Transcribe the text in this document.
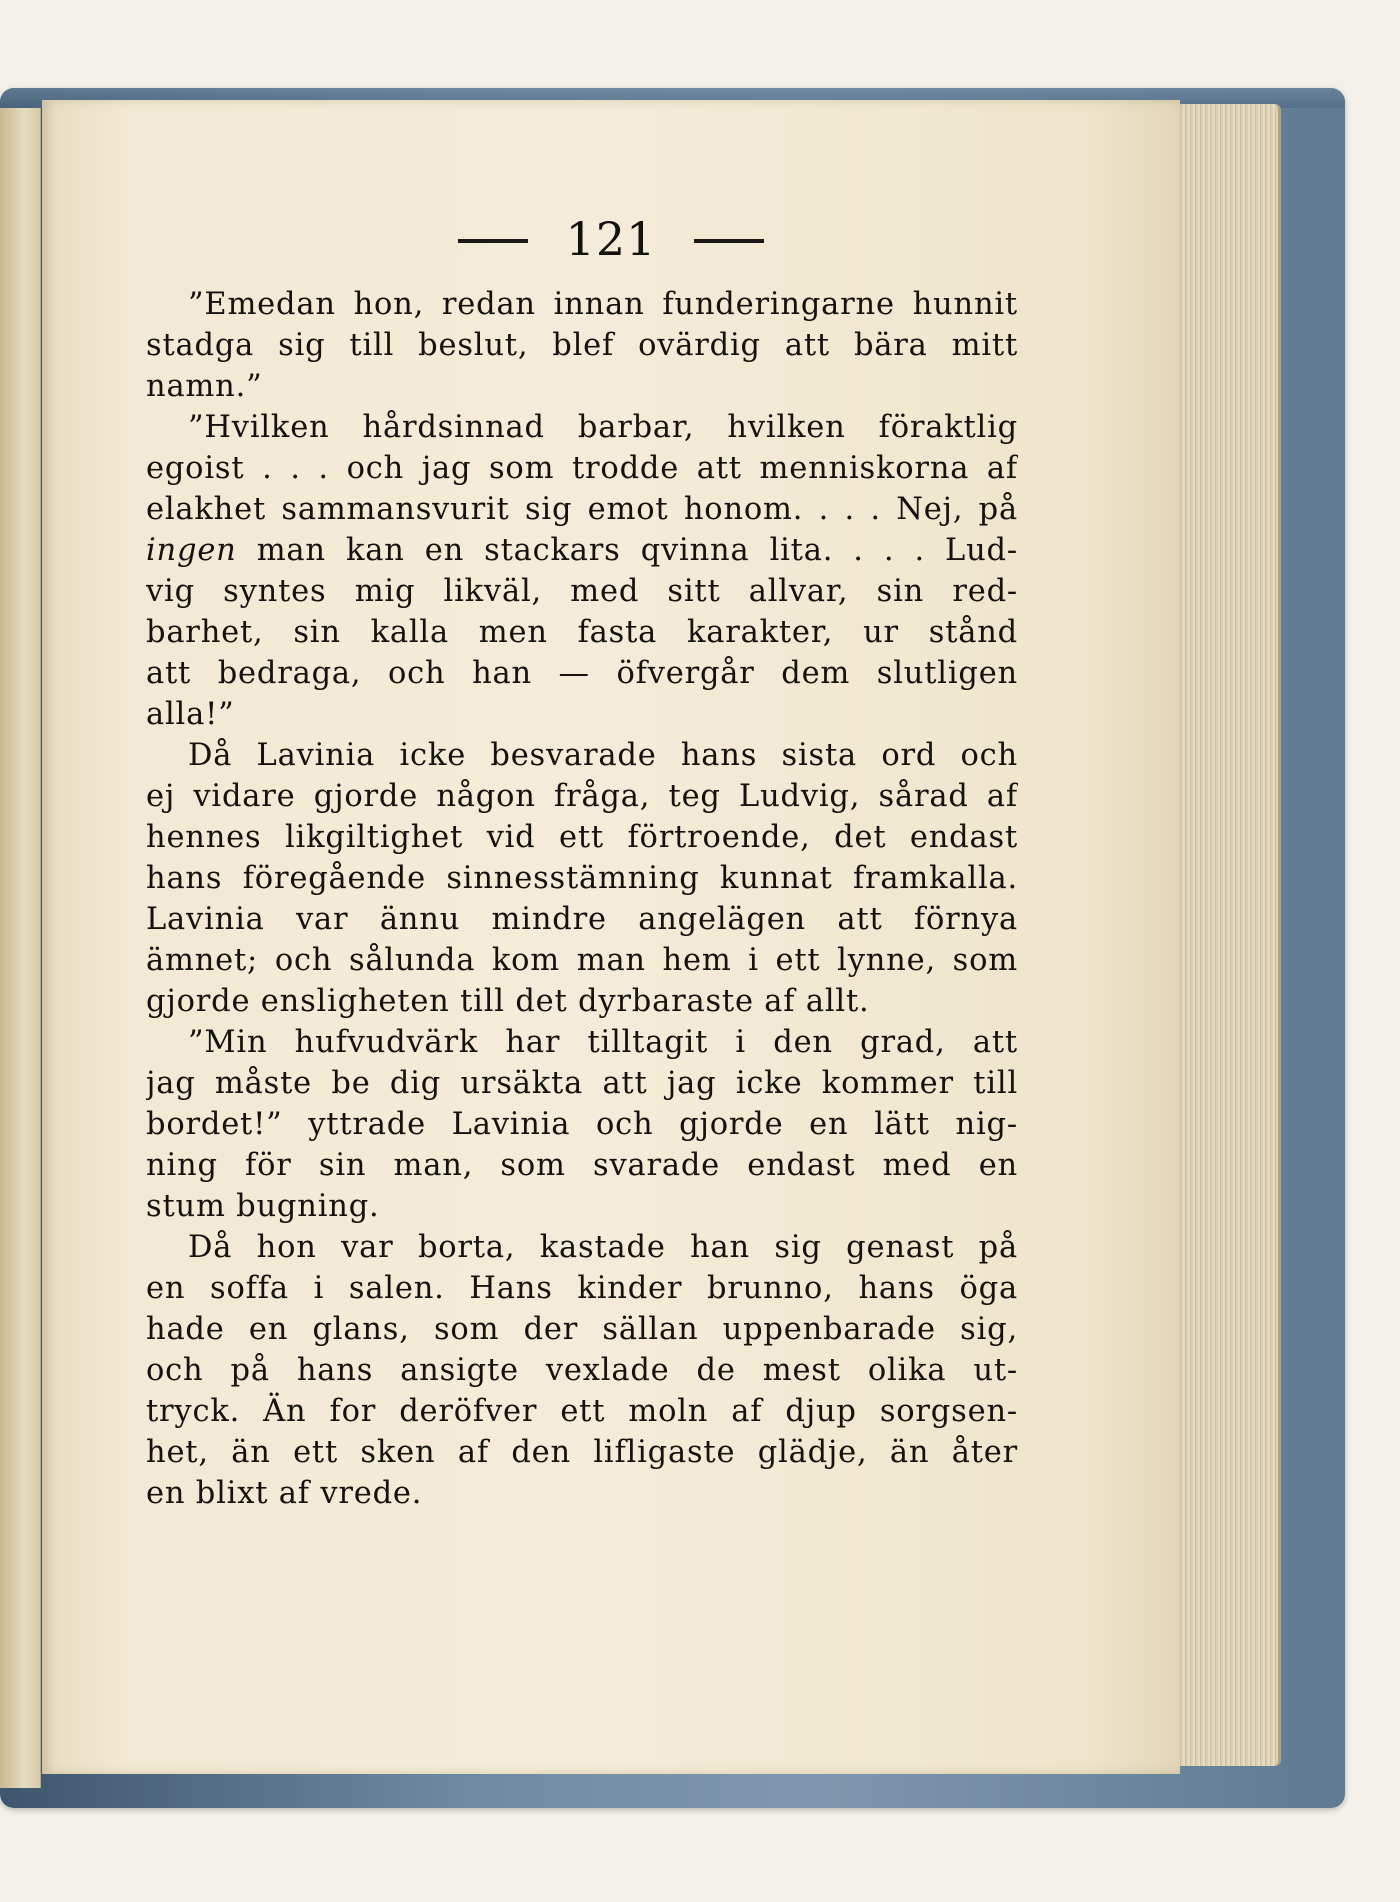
121
”Emedan hon, redan innan funderingarne hunnit
stadga sig till beslut, blef ovärdig att bära mitt
namn.”
”Hvilken hårdsinnad barbar, hvilken föraktlig
egoist . . . och jag som trodde att menniskorna af
elakhet sammansvurit sig emot honom. . . . Nej, på
ingen man kan en stackars qvinna lita. . . . Lud-
vig syntes mig likväl, med sitt allvar, sin red-
barhet, sin kalla men fasta karakter, ur stånd
att bedraga, och han — öfvergår dem slutligen
alla!”
Då Lavinia icke besvarade hans sista ord och
ej vidare gjorde någon fråga, teg Ludvig, sårad af
hennes likgiltighet vid ett förtroende, det endast
hans föregående sinnesstämning kunnat framkalla.
Lavinia var ännu mindre angelägen att förnya
ämnet; och sålunda kom man hem i ett lynne, som
gjorde ensligheten till det dyrbaraste af allt.
”Min hufvudvärk har tilltagit i den grad, att
jag måste be dig ursäkta att jag icke kommer till
bordet!” yttrade Lavinia och gjorde en lätt nig-
ning för sin man, som svarade endast med en
stum bugning.
Då hon var borta, kastade han sig genast på
en soffa i salen. Hans kinder brunno, hans öga
hade en glans, som der sällan uppenbarade sig,
och på hans ansigte vexlade de mest olika ut-
tryck. Än for deröfver ett moln af djup sorgsen-
het, än ett sken af den lifligaste glädje, än åter
en blixt af vrede.
